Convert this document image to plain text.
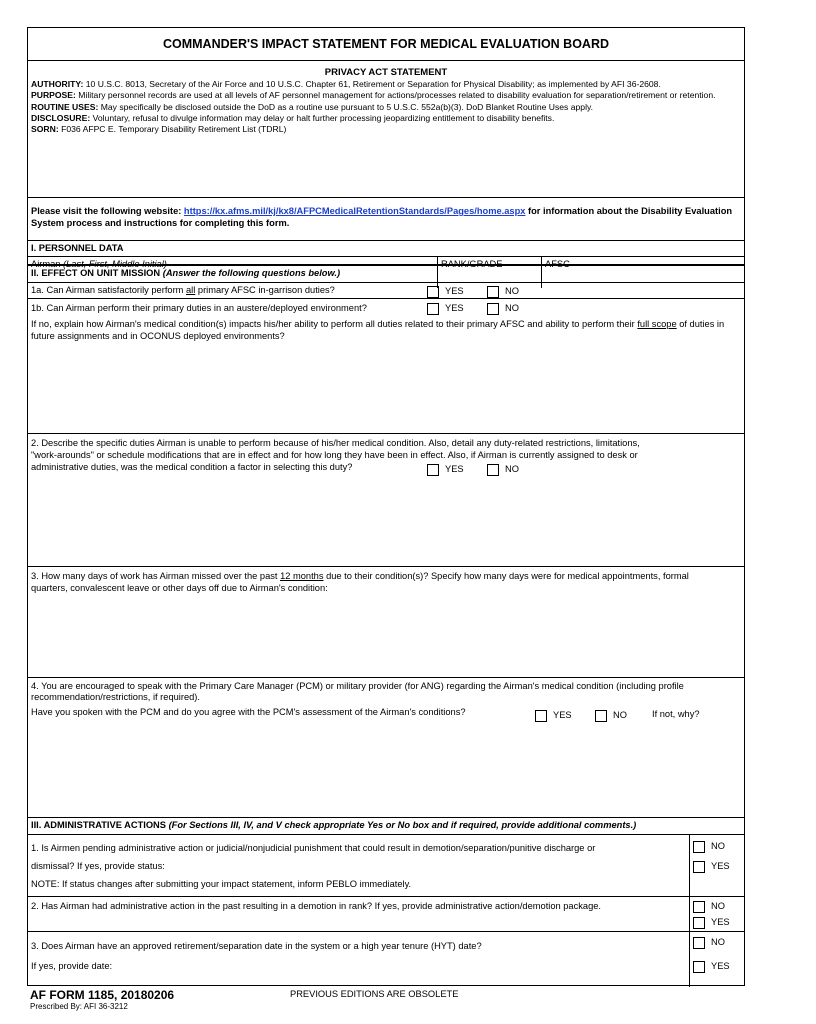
COMMANDER'S IMPACT STATEMENT FOR MEDICAL EVALUATION BOARD
PRIVACY ACT STATEMENT
AUTHORITY: 10 U.S.C. 8013, Secretary of the Air Force and 10 U.S.C. Chapter 61, Retirement or Separation for Physical Disability; as implemented by AFI 36-2608.
PURPOSE: Military personnel records are used at all levels of AF personnel management for actions/processes related to disability evaluation for separation/retirement or retention.
ROUTINE USES: May specifically be disclosed outside the DoD as a routine use pursuant to 5 U.S.C. 552a(b)(3). DoD Blanket Routine Uses apply.
DISCLOSURE: Voluntary, refusal to divulge information may delay or halt further processing jeopardizing entitlement to disability benefits.
SORN: F036 AFPC E. Temporary Disability Retirement List (TDRL)
Please visit the following website: https://kx.afms.mil/kj/kx8/AFPCMedicalRetentionStandards/Pages/home.aspx for information about the Disability Evaluation System process and instructions for completing this form.
I. PERSONNEL DATA
Airman (Last, First, Middle Initial)	RANK/GRADE	AFSC
II. EFFECT ON UNIT MISSION (Answer the following questions below.)
1a. Can Airman satisfactorily perform all primary AFSC in-garrison duties?	YES	NO
1b. Can Airman perform their primary duties in an austere/deployed environment?	YES	NO
If no, explain how Airman's medical condition(s) impacts his/her ability to perform all duties related to their primary AFSC and ability to perform their full scope of duties in future assignments and in OCONUS deployed environments?
2. Describe the specific duties Airman is unable to perform because of his/her medical condition. Also, detail any duty-related restrictions, limitations, "work-arounds" or schedule modifications that are in effect and for how long they have been in effect. Also, if Airman is currently assigned to desk or administrative duties, was the medical condition a factor in selecting this duty?	YES	NO
3. How many days of work has Airman missed over the past 12 months due to their condition(s)? Specify how many days were for medical appointments, formal quarters, convalescent leave or other days off due to Airman's condition:
4. You are encouraged to speak with the Primary Care Manager (PCM) or military provider (for ANG) regarding the Airman's medical condition (including profile recommendation/restrictions, if required).
Have you spoken with the PCM and do you agree with the PCM's assessment of the Airman's conditions?	YES	NO	If not, why?
III. ADMINISTRATIVE ACTIONS (For Sections III, IV, and V check appropriate Yes or No box and if required, provide additional comments.)
1. Is Airmen pending administrative action or judicial/nonjudicial punishment that could result in demotion/separation/punitive discharge or
dismissal? If yes, provide status:
NOTE: If status changes after submitting your impact statement, inform PEBLO immediately.
NO
YES
2. Has Airman had administrative action in the past resulting in a demotion in rank? If yes, provide administrative action/demotion package.	NO
YES
3. Does Airman have an approved retirement/separation date in the system or a high year tenure (HYT) date?
If yes, provide date:
NO
YES
AF FORM 1185, 20180206
Prescribed By: AFI 36-3212
PREVIOUS EDITIONS ARE OBSOLETE
